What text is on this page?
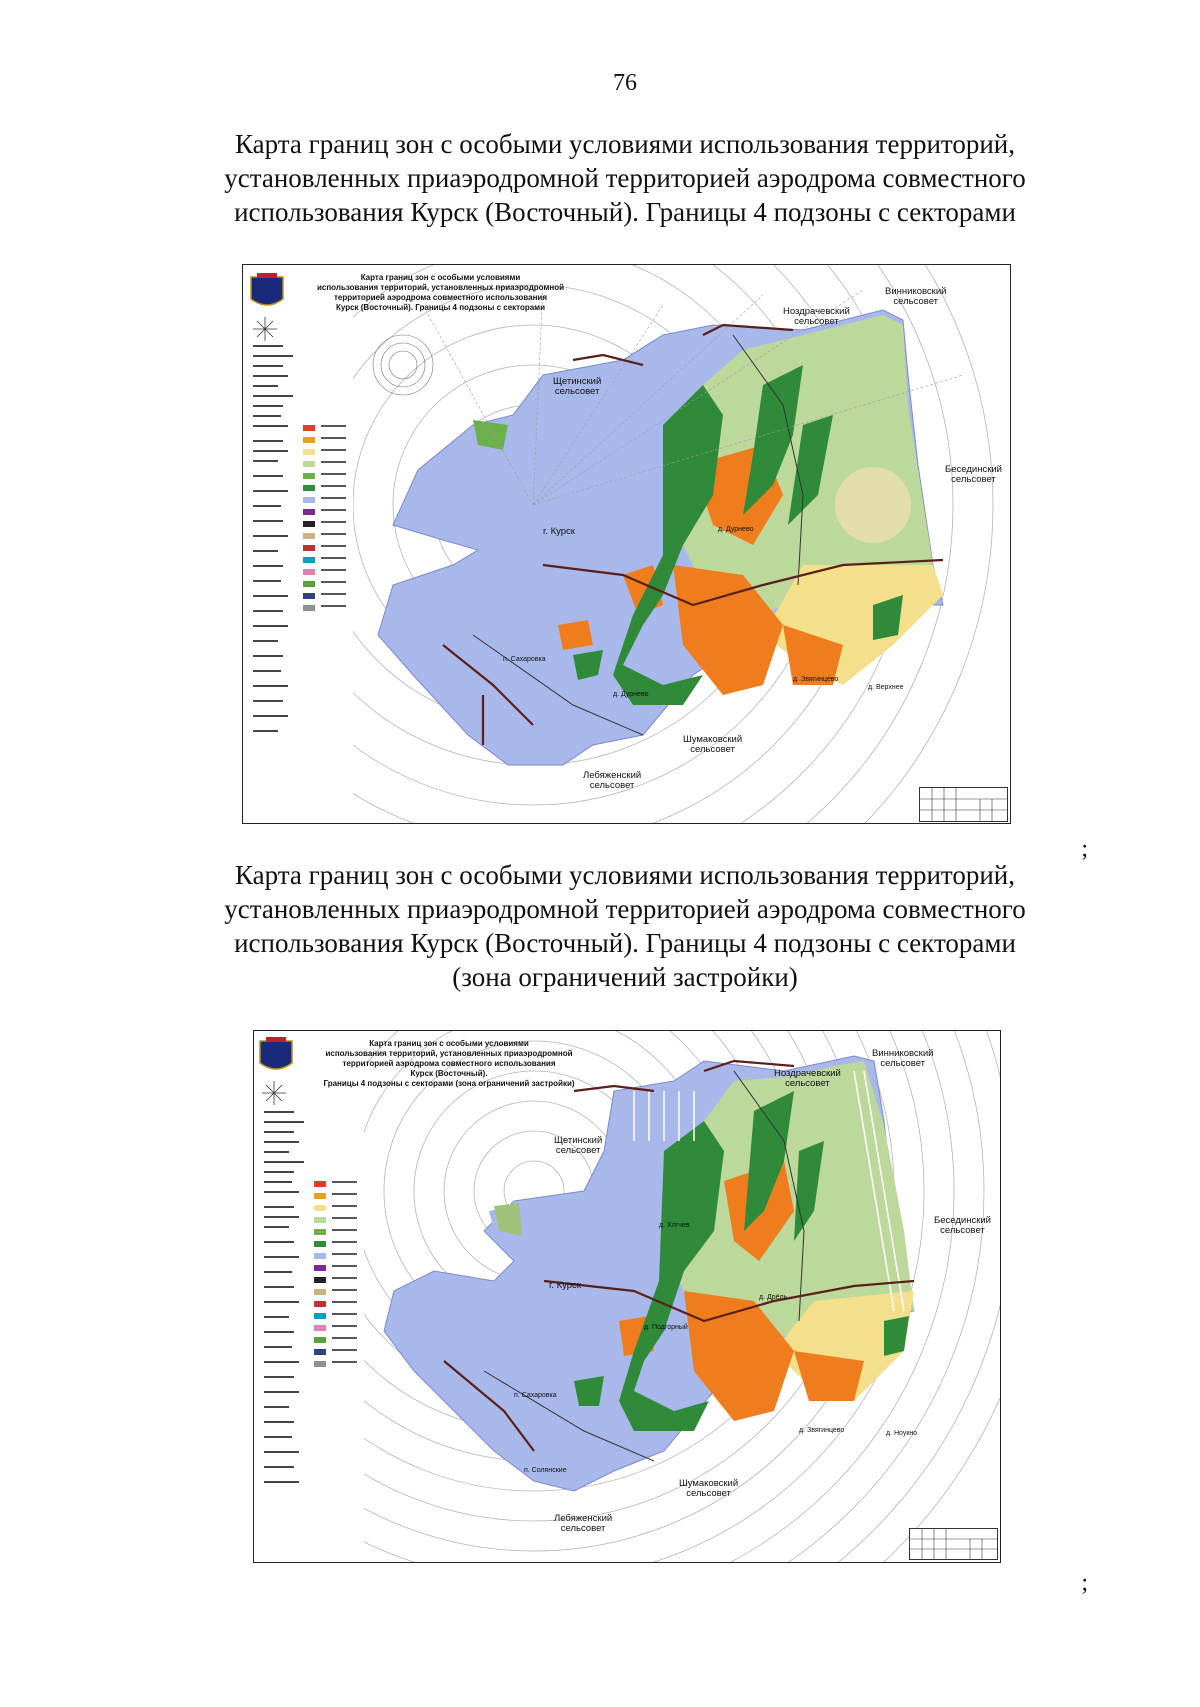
76
Карта границ зон с особыми условиями использования территорий,
установленных приаэродромной территорией аэродрома совместного
использования Курск (Восточный). Границы 4 подзоны с секторами
Карта границ зон с особыми условиями
использования территорий, установленных приаэродромной
территорией аэродрома совместного использования
Курск (Восточный). Границы 4 подзоны с секторами
Винниковский
сельсовет
Ноздрачевский
сельсовет
Щетинский
сельсовет
Бесединский
сельсовет
г. Курск
Шумаковский
сельсовет
Лебяженский
сельсовет
д. Дурнево
д. Звягинцево
д. Верхнее
п. Сахаровка
д. Дурнево
;
Карта границ зон с особыми условиями использования территорий,
установленных приаэродромной территорией аэродрома совместного
использования Курск (Восточный). Границы 4 подзоны с секторами
(зона ограничений застройки)
Карта границ зон с особыми условиями
использования территорий, установленных приаэродромной
территорией аэродрома совместного использования
Курск (Восточный).
Границы 4 подзоны с секторами (зона ограничений застройки)
Винниковский
сельсовет
Ноздрачевский
сельсовет
Щетинский
сельсовет
Бесединский
сельсовет
г. Курск
Шумаковский
сельсовет
Лебяженский
сельсовет
д. Хлгчев
д. Дрёль
д. Подгорный
п. Сахаровка
д. Звягинцево	д. Ноукно
п. Солянские
;
